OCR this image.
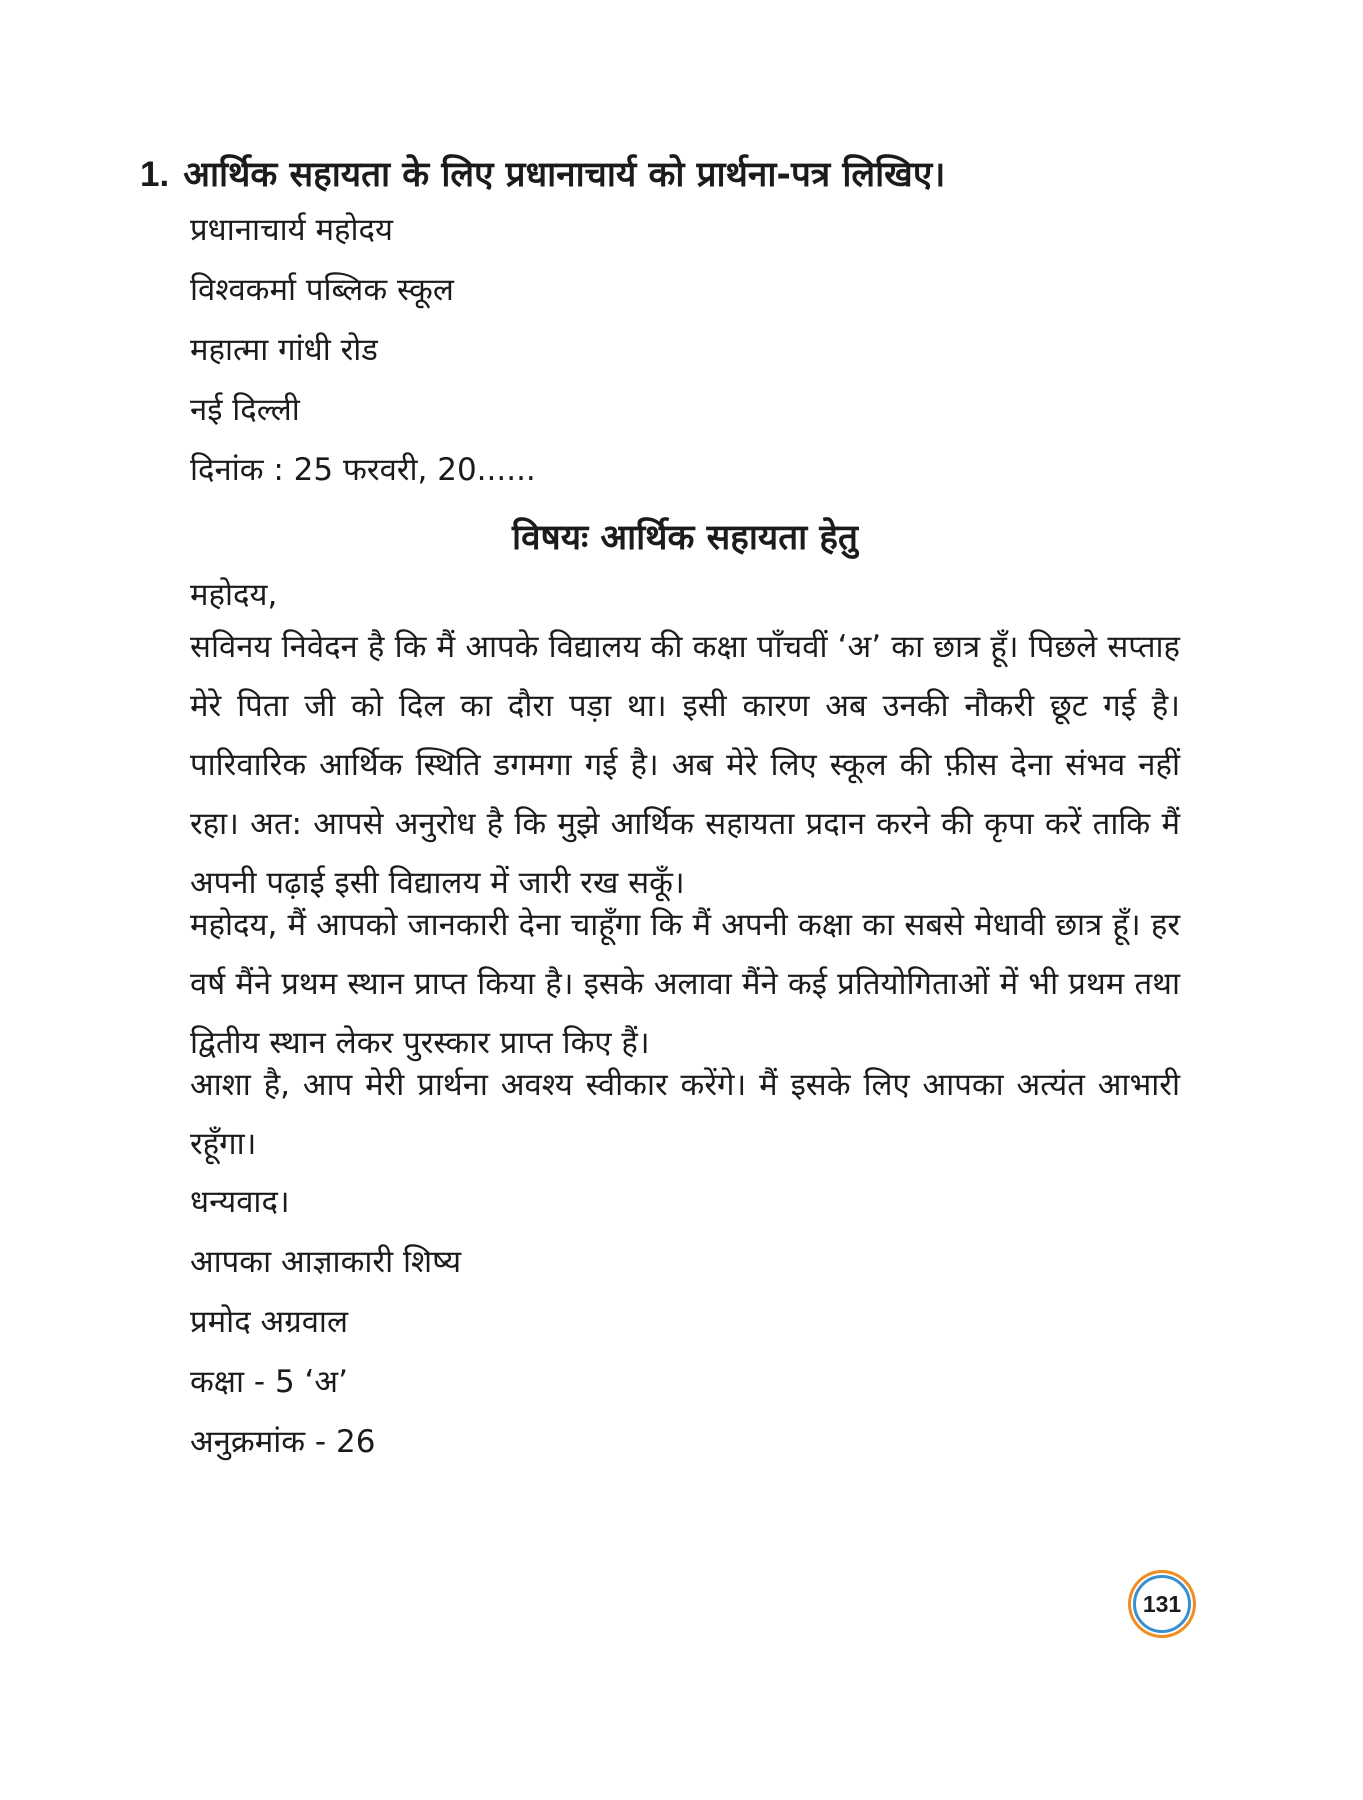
1. आर्थिक सहायता के लिए प्रधानाचार्य को प्रार्थना-पत्र लिखिए।
प्रधानाचार्य महोदय
विश्वकर्मा पब्लिक स्कूल
महात्मा गांधी रोड
नई दिल्ली
दिनांक : 25 फरवरी, 20......
विषयः आर्थिक सहायता हेतु
महोदय,
सविनय निवेदन है कि मैं आपके विद्यालय की कक्षा पाँचवीं ‘अ’ का छात्र हूँ। पिछले सप्ताह मेरे पिता जी को दिल का दौरा पड़ा था। इसी कारण अब उनकी नौकरी छूट गई है। पारिवारिक आर्थिक स्थिति डगमगा गई है। अब मेरे लिए स्कूल की फ़ीस देना संभव नहीं रहा। अत: आपसे अनुरोध है कि मुझे आर्थिक सहायता प्रदान करने की कृपा करें ताकि मैं अपनी पढ़ाई इसी विद्यालय में जारी रख सकूँ।
महोदय, मैं आपको जानकारी देना चाहूँगा कि मैं अपनी कक्षा का सबसे मेधावी छात्र हूँ। हर वर्ष मैंने प्रथम स्थान प्राप्त किया है। इसके अलावा मैंने कई प्रतियोगिताओं में भी प्रथम तथा द्वितीय स्थान लेकर पुरस्कार प्राप्त किए हैं।
आशा है, आप मेरी प्रार्थना अवश्य स्वीकार करेंगे। मैं इसके लिए आपका अत्यंत आभारी रहूँगा।
धन्यवाद।
आपका आज्ञाकारी शिष्य
प्रमोद अग्रवाल
कक्षा - 5 ‘अ’
अनुक्रमांक - 26
131
